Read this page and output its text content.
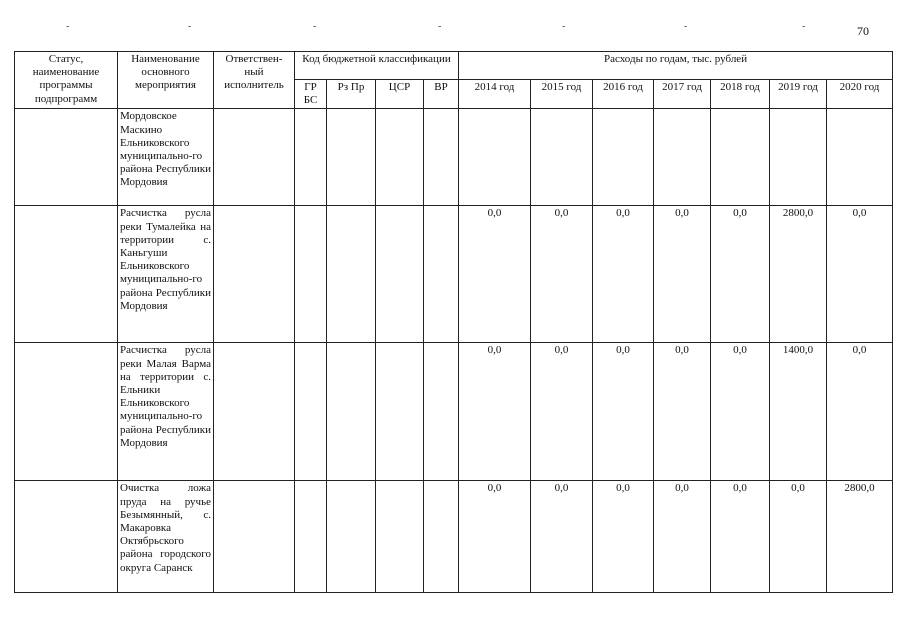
70
-	-	-	-	-	-	-
Статус, наименование программы подпрограмм	Наименование основного мероприятия	Ответствен-ный исполнитель	Код бюджетной классификации				Расходы по годам, тыс. рублей						
			ГР БС	Рз Пр	ЦСР	ВР	2014 год	2015 год	2016 год	2017 год	2018 год	2019 год	2020 год
	Мордовское Маскино Ельниковского муниципально-го района Республики Мордовия												
	Расчистка русла реки Тумалейка на территории с. Каньгуши Ельниковского муниципально-го района Республики Мордовия						0,0	0,0	0,0	0,0	0,0	2800,0	0,0
	Расчистка русла реки Малая Варма на территории с. Ельники Ельниковского муниципально-го района Республики Мордовия						0,0	0,0	0,0	0,0	0,0	1400,0	0,0
	Очистка ложа пруда на ручье Безымянный, с. Макаровка Октябрьского района городского округа Саранск						0,0	0,0	0,0	0,0	0,0	0,0	2800,0
